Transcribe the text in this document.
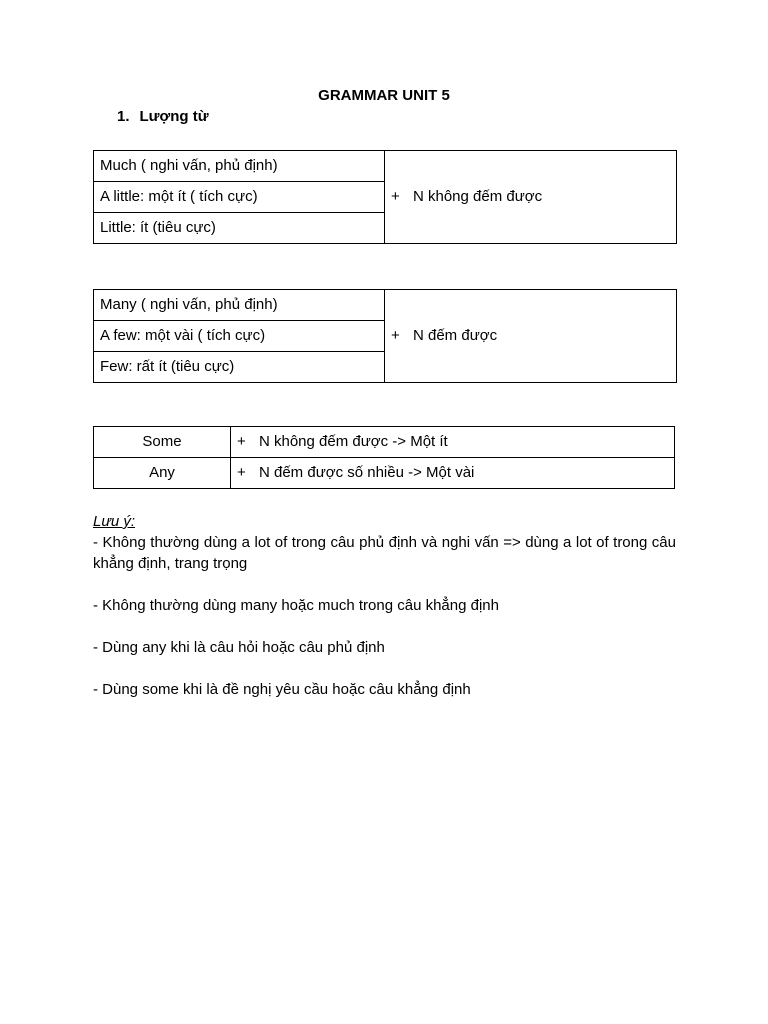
GRAMMAR UNIT 5
1. Lượng từ
Much ( nghi vấn, phủ định)	+ N không đếm được
A little: một ít ( tích cực)
Little: ít (tiêu cực)
Many ( nghi vấn, phủ định)	+ N đếm được
A few: một vài ( tích cực)
Few: rất ít (tiêu cực)
Some	+ N không đếm được -> Một ít
Any	+ N đếm được số nhiều -> Một vài

Lưu ý:

- Không thường dùng a lot of trong câu phủ định và nghi vấn => dùng a lot of trong câu khẳng định, trang trọng

- Không thường dùng many hoặc much trong câu khẳng định

- Dùng any khi là câu hỏi hoặc câu phủ định

- Dùng some khi là đề nghị yêu cầu hoặc câu khẳng định
